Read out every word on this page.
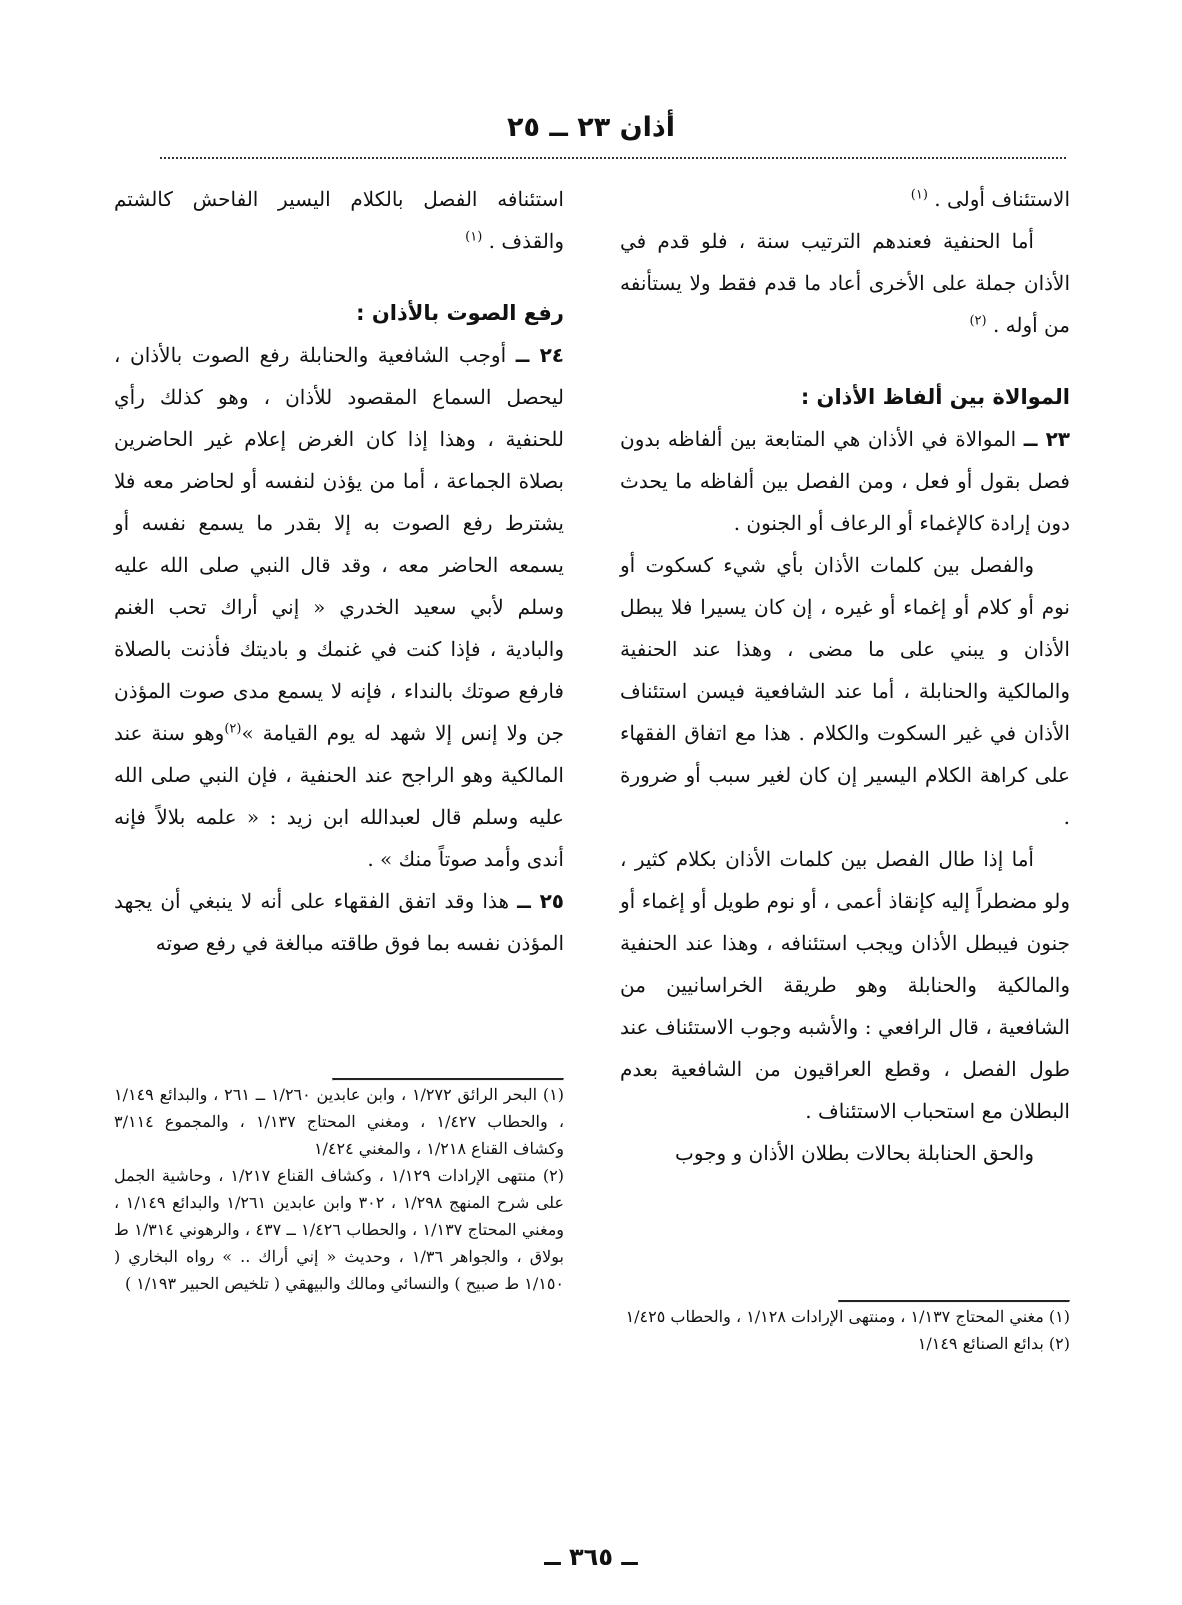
أذان ٢٣ ــ ٢٥

الاستئناف أولى . $^{(١)}$

أما الحنفية فعندهم الترتيب سنة ، فلو قدم في الأذان جملة على الأخرى أعاد ما قدم فقط ولا يستأنفه من أوله . $^{(٢)}$

الموالاة بين ألفاظ الأذان :

٢٣ ــ الموالاة في الأذان هي المتابعة بين ألفاظه بدون فصل بقول أو فعل ، ومن الفصل بين ألفاظه ما يحدث دون إرادة كالإغماء أو الرعاف أو الجنون .

والفصل بين كلمات الأذان بأي شيء كسكوت أو نوم أو كلام أو إغماء أو غيره ، إن كان يسيرا فلا يبطل الأذان و يبني على ما مضى ، وهذا عند الحنفية والمالكية والحنابلة ، أما عند الشافعية فيسن استئناف الأذان في غير السكوت والكلام . هذا مع اتفاق الفقهاء على كراهة الكلام اليسير إن كان لغير سبب أو ضرورة .

أما إذا طال الفصل بين كلمات الأذان بكلام كثير ، ولو مضطراً إليه كإنقاذ أعمى ، أو نوم طويل أو إغماء أو جنون فيبطل الأذان ويجب استئنافه ، وهذا عند الحنفية والمالكية والحنابلة وهو طريقة الخراسانيين من الشافعية ، قال الرافعي : والأشبه وجوب الاستئناف عند طول الفصل ، وقطع العراقيون من الشافعية بعدم البطلان مع استحباب الاستئناف .

والحق الحنابلة بحالات بطلان الأذان و وجوب

استئنافه الفصل بالكلام اليسير الفاحش كالشتم والقذف . $^{(١)}$

رفع الصوت بالأذان :

٢٤ ــ أوجب الشافعية والحنابلة رفع الصوت بالأذان ، ليحصل السماع المقصود للأذان ، وهو كذلك رأي للحنفية ، وهذا إذا كان الغرض إعلام غير الحاضرين بصلاة الجماعة ، أما من يؤذن لنفسه أو لحاضر معه فلا يشترط رفع الصوت به إلا بقدر ما يسمع نفسه أو يسمعه الحاضر معه ، وقد قال النبي صلى الله عليه وسلم لأبي سعيد الخدري « إني أراك تحب الغنم والبادية ، فإذا كنت في غنمك و باديتك فأذنت بالصلاة فارفع صوتك بالنداء ، فإنه لا يسمع مدى صوت المؤذن جن ولا إنس إلا شهد له يوم القيامة »$^{(٢)}$وهو سنة عند المالكية وهو الراجح عند الحنفية ، فإن النبي صلى الله عليه وسلم قال لعبدالله ابن زيد : « علمه بلالاً فإنه أندى وأمد صوتاً منك » .

٢٥ ــ هذا وقد اتفق الفقهاء على أنه لا ينبغي أن يجهد المؤذن نفسه بما فوق طاقته مبالغة في رفع صوته

(١) البحر الرائق ١/٢٧٢ ، وابن عابدين ١/٢٦٠ ــ ٢٦١ ، والبدائع ١/١٤٩ ، والحطاب ١/٤٢٧ ، ومغني المحتاج ١/١٣٧ ، والمجموع ٣/١١٤ وكشاف القناع ١/٢١٨ ، والمغني ١/٤٢٤

(٢) منتهى الإرادات ١/١٢٩ ، وكشاف القناع ١/٢١٧ ، وحاشية الجمل على شرح المنهج ١/٢٩٨ ، ٣٠٢ وابن عابدين ١/٢٦١ والبدائع ١/١٤٩ ، ومغني المحتاج ١/١٣٧ ، والحطاب ١/٤٢٦ ــ ٤٣٧ ، والرهوني ١/٣١٤ ط بولاق ، والجواهر ١/٣٦ ، وحديث « إني أراك .. » رواه البخاري ( ١/١٥٠ ط صبيح ) والنسائي ومالك والبيهقي ( تلخيص الحبير ١/١٩٣ )

(١) مغني المحتاج ١/١٣٧ ، ومنتهى الإرادات ١/١٢٨ ، والحطاب ١/٤٢٥

(٢) بدائع الصنائع ١/١٤٩

ــ ٣٦٥ ــ
